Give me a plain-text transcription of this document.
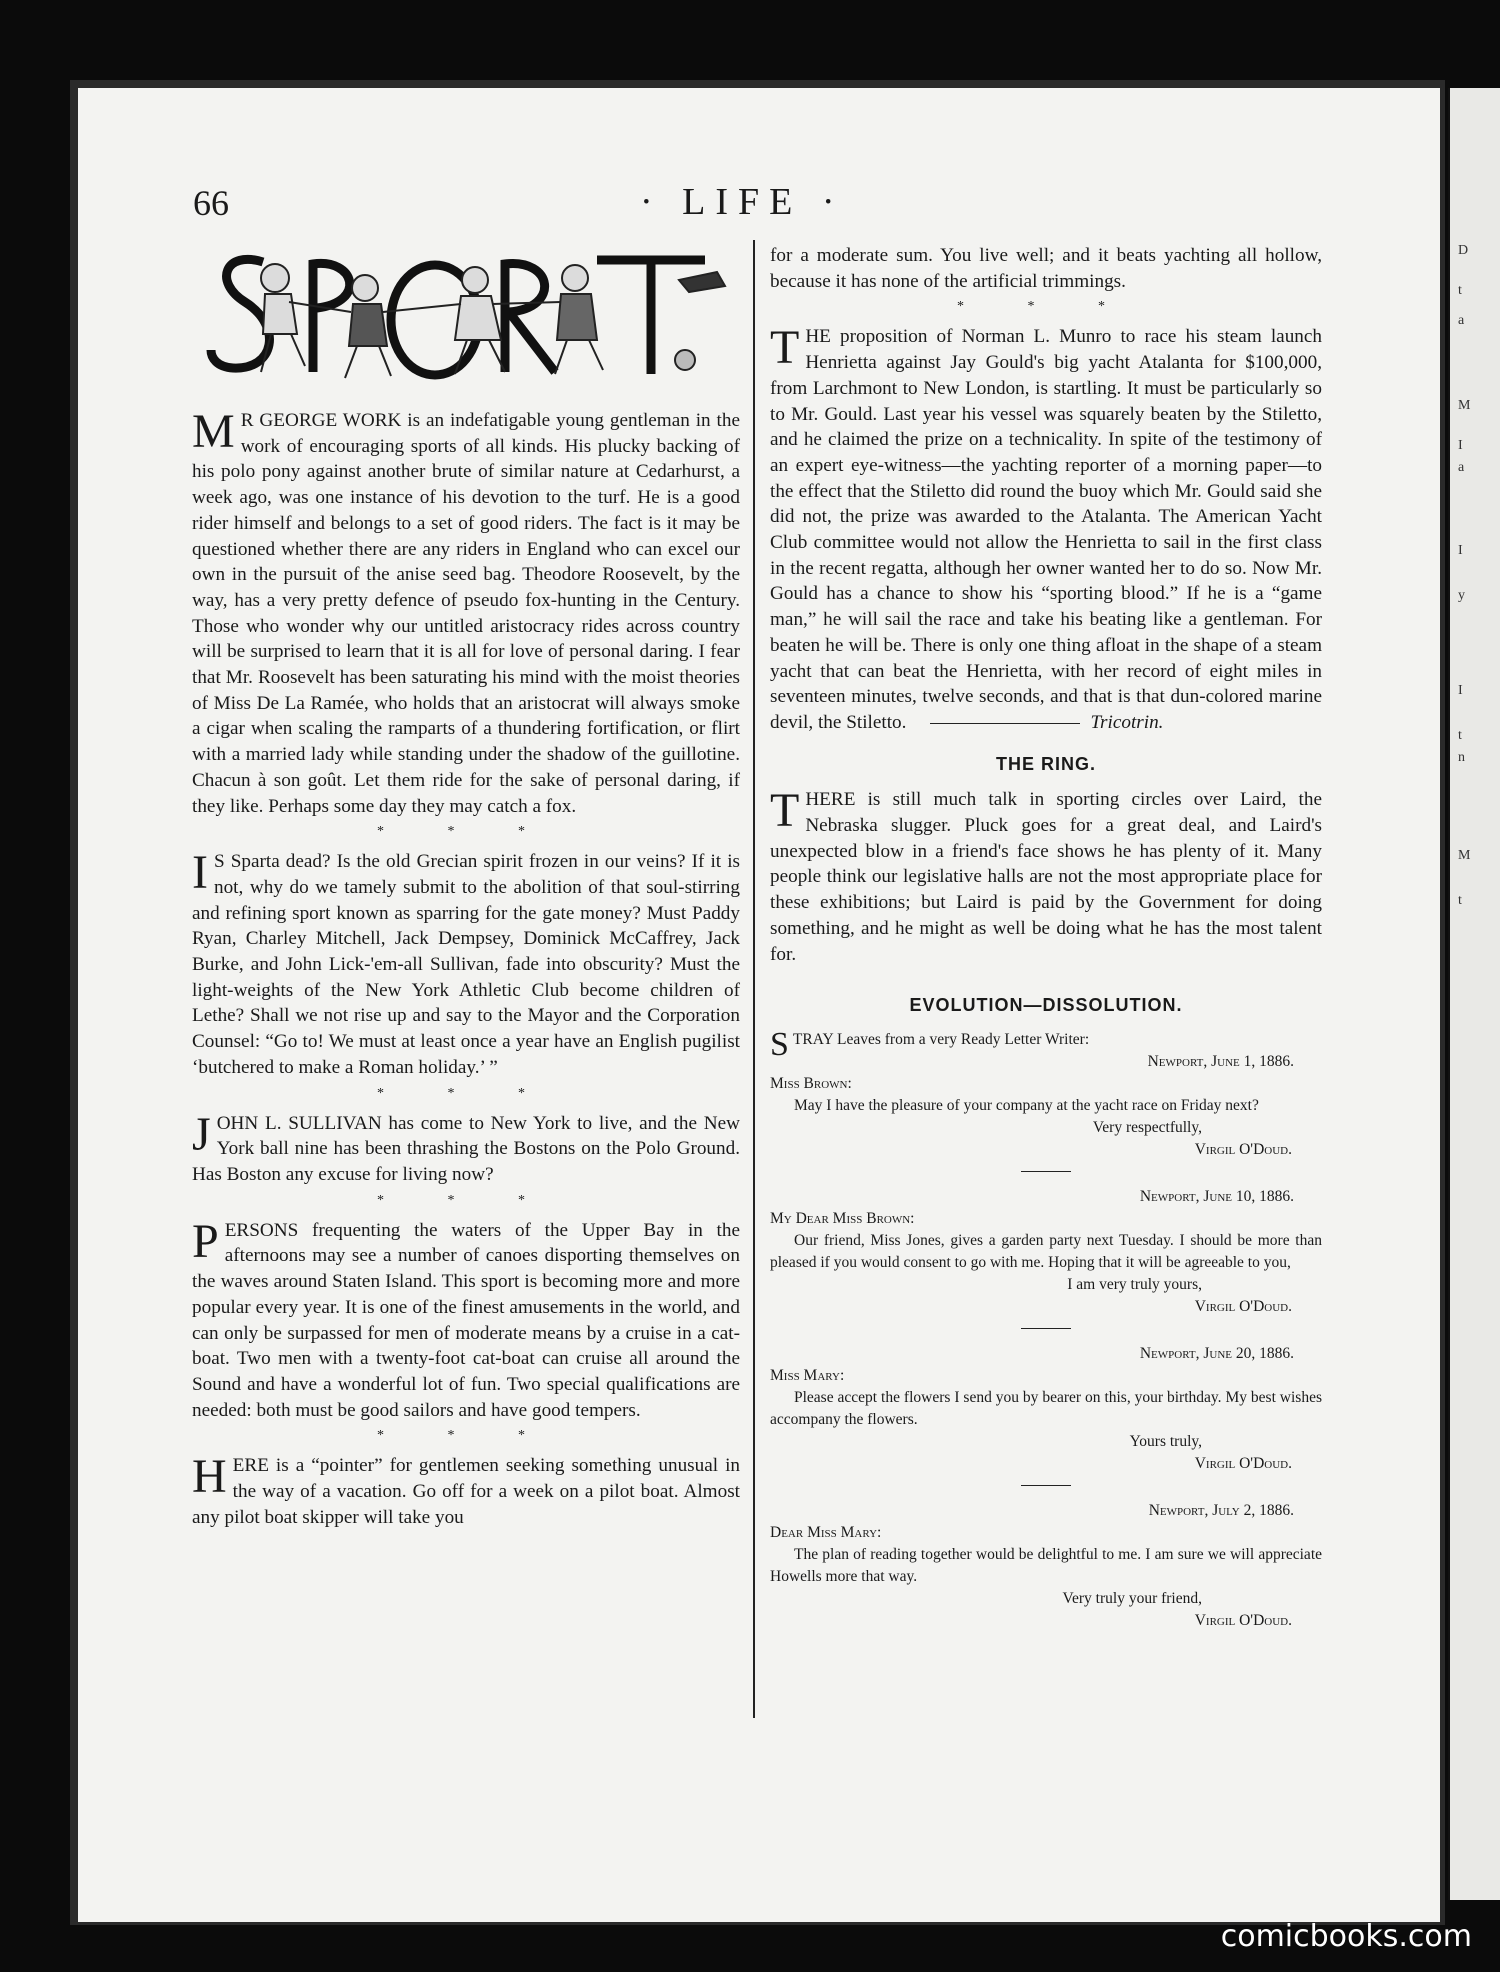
D
t
a
M
I
a
I
y
I
t
n
M
t
66	· LIFE ·

M R GEORGE WORK is an indefatigable young gentleman in the work of encouraging sports of all kinds. His plucky backing of his polo pony against another brute of similar nature at Cedarhurst, a week ago, was one instance of his devotion to the turf. He is a good rider himself and belongs to a set of good riders. The fact is it may be questioned whether there are any riders in England who can excel our own in the pursuit of the anise seed bag. Theodore Roosevelt, by the way, has a very pretty defence of pseudo fox-hunting in the Century. Those who wonder why our untitled aristocracy rides across country will be surprised to learn that it is all for love of personal daring. I fear that Mr. Roosevelt has been saturating his mind with the moist theories of Miss De La Ramée, who holds that an aristocrat will always smoke a cigar when scaling the ramparts of a thundering fortification, or flirt with a married lady while standing under the shadow of the guillotine. Chacun à son goût. Let them ride for the sake of personal daring, if they like. Perhaps some day they may catch a fox.

* * *

I S Sparta dead? Is the old Grecian spirit frozen in our veins? If it is not, why do we tamely submit to the abolition of that soul-stirring and refining sport known as sparring for the gate money? Must Paddy Ryan, Charley Mitchell, Jack Dempsey, Dominick McCaffrey, Jack Burke, and John Lick-'em-all Sullivan, fade into obscurity? Must the light-weights of the New York Athletic Club become children of Lethe? Shall we not rise up and say to the Mayor and the Corporation Counsel: “Go to! We must at least once a year have an English pugilist ‘butchered to make a Roman holiday.’ ”

* * *

JOHN L. SULLIVAN has come to New York to live, and the New York ball nine has been thrashing the Bostons on the Polo Ground. Has Boston any excuse for living now?

* * *

PERSONS frequenting the waters of the Upper Bay in the afternoons may see a number of canoes disporting themselves on the waves around Staten Island. This sport is becoming more and more popular every year. It is one of the finest amusements in the world, and can only be surpassed for men of moderate means by a cruise in a cat-boat. Two men with a twenty-foot cat-boat can cruise all around the Sound and have a wonderful lot of fun. Two special qualifications are needed: both must be good sailors and have good tempers.

* * *

HERE is a “pointer” for gentlemen seeking something unusual in the way of a vacation. Go off for a week on a pilot boat. Almost any pilot boat skipper will take you

for a moderate sum. You live well; and it beats yachting all hollow, because it has none of the artificial trimmings.

* * *

THE proposition of Norman L. Munro to race his steam launch Henrietta against Jay Gould's big yacht Atalanta for $100,000, from Larchmont to New London, is startling. It must be particularly so to Mr. Gould. Last year his vessel was squarely beaten by the Stiletto, and he claimed the prize on a technicality. In spite of the testimony of an expert eye-witness—the yachting reporter of a morning paper—to the effect that the Stiletto did round the buoy which Mr. Gould said she did not, the prize was awarded to the Atalanta. The American Yacht Club committee would not allow the Henrietta to sail in the first class in the recent regatta, although her owner wanted her to do so. Now Mr. Gould has a chance to show his “sporting blood.” If he is a “game man,” he will sail the race and take his beating like a gentleman. For beaten he will be. There is only one thing afloat in the shape of a steam yacht that can beat the Henrietta, with her record of eight miles in seventeen minutes, twelve seconds, and that is that dun-colored marine devil, the Stiletto.	Tricotrin.

THE RING.

THERE is still much talk in sporting circles over Laird, the Nebraska slugger. Pluck goes for a great deal, and Laird's unexpected blow in a friend's face shows he has plenty of it. Many people think our legislative halls are not the most appropriate place for these exhibitions; but Laird is paid by the Government for doing something, and he might as well be doing what he has the most talent for.

EVOLUTION—DISSOLUTION.
STRAY Leaves from a very Ready Letter Writer:
Newport, June 1, 1886.
Miss Brown:
May I have the pleasure of your company at the yacht race on Friday next?
Very respectfully,
Virgil O'Doud.
Newport, June 10, 1886.
My Dear Miss Brown:
Our friend, Miss Jones, gives a garden party next Tuesday. I should be more than pleased if you would consent to go with me. Hoping that it will be agreeable to you,
I am very truly yours,
Virgil O'Doud.
Newport, June 20, 1886.
Miss Mary:
Please accept the flowers I send you by bearer on this, your birthday. My best wishes accompany the flowers.
Yours truly,
Virgil O'Doud.
Newport, July 2, 1886.
Dear Miss Mary:
The plan of reading together would be delightful to me. I am sure we will appreciate Howells more that way.
Very truly your friend,
Virgil O'Doud.
comicbooks.com
